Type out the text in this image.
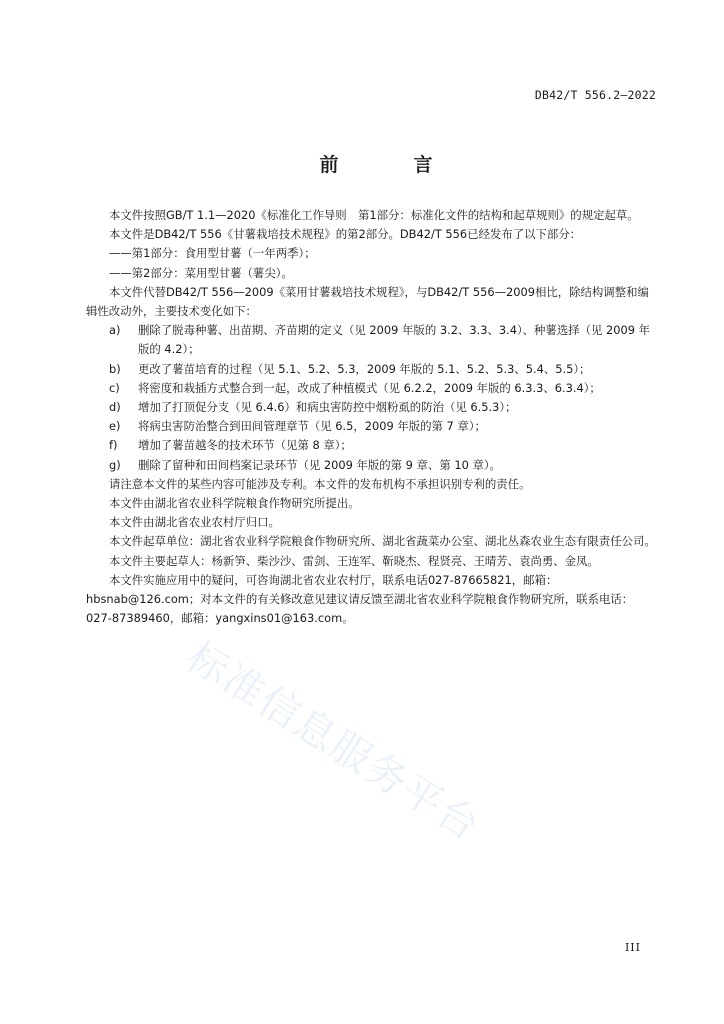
DB42/T 556.2—2022
前　言

本文件按照GB/T 1.1—2020《标准化工作导则　第1部分：标准化文件的结构和起草规则》的规定起草。

本文件是DB42/T 556《甘薯栽培技术规程》的第2部分。DB42/T 556已经发布了以下部分：

——第1部分：食用型甘薯（一年两季）；

——第2部分：菜用型甘薯（薯尖）。

本文件代替DB42/T 556—2009《菜用甘薯栽培技术规程》，与DB42/T 556—2009相比，除结构调整和编辑性改动外，主要技术变化如下：

a)	删除了脱毒种薯、出苗期、齐苗期的定义（见 2009 年版的 3.2、3.3、3.4）、种薯选择（见 2009 年版的 4.2）；
b)	更改了薯苗培育的过程（见 5.1、5.2、5.3，2009 年版的 5.1、5.2、5.3、5.4、5.5）；
c)	将密度和栽插方式整合到一起，改成了种植模式（见 6.2.2，2009 年版的 6.3.3、6.3.4）；
d)	增加了打顶促分支（见 6.4.6）和病虫害防控中烟粉虱的防治（见 6.5.3）；
e)	将病虫害防治整合到田间管理章节（见 6.5，2009 年版的第 7 章）；
f)	增加了薯苗越冬的技术环节（见第 8 章）；
g)	删除了留种和田间档案记录环节（见 2009 年版的第 9 章、第 10 章）。

请注意本文件的某些内容可能涉及专利。本文件的发布机构不承担识别专利的责任。

本文件由湖北省农业科学院粮食作物研究所提出。

本文件由湖北省农业农村厅归口。

本文件起草单位：湖北省农业科学院粮食作物研究所、湖北省蔬菜办公室、湖北丛森农业生态有限责任公司。

本文件主要起草人：杨新笋、柴沙沙、雷剑、王连军、靳晓杰、程贤亮、王晴芳、袁尚勇、金凤。

本文件实施应用中的疑问，可咨询湖北省农业农村厅，联系电话027-87665821，邮箱：hbsnab@126.com；对本文件的有关修改意见建议请反馈至湖北省农业科学院粮食作物研究所，联系电话：027-87389460，邮箱：yangxins01@163.com。

标准信息服务平台
III
